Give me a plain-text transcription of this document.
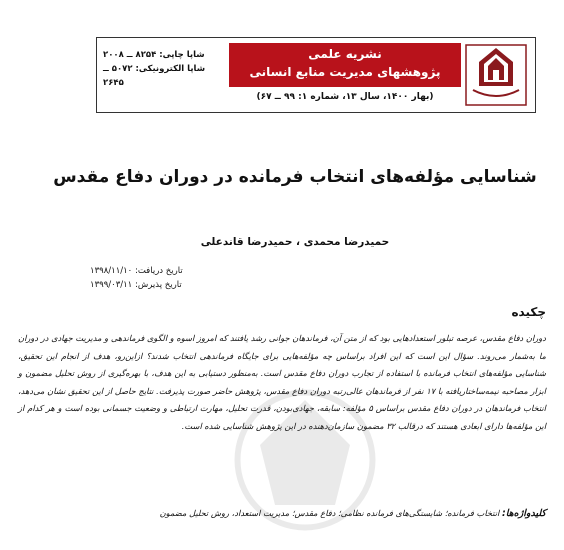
نشریه علمی
پژوهشهای مدیریت منابع انسانی
(بهار ۱۴۰۰، سال ۱۳، شماره ۱: ۹۹ ــ ۶۷)
شاپا چاپی: ۸۲۵۴ ــ ۲۰۰۸
شاپا الکترونیکی: ۵۰۷۲ ــ ۲۶۴۵
شناسایی مؤلفه‌های انتخاب فرمانده در دوران دفاع مقدس
حمیدرضا محمدی ، حمیدرضا قاندعلی
تاریخ دریافت: ۱۳۹۸/۱۱/۱۰
تاریخ پذیرش: ۱۳۹۹/۰۳/۱۱
چکیده
دوران دفاع مقدس، عرصه تبلور استعدادهایی بود که از متن آن، فرماندهان جوانی رشد یافتند که امروز اسوه و الگوی فرماندهی و مدیریت جهادی در دوران ما به‌شمار می‌روند. سؤال این است که این افراد براساس چه مؤلفه‌هایی برای جایگاه فرماندهی انتخاب شدند؟ ازاین‌رو، هدف از انجام این تحقیق، شناسایی مؤلفه‌های انتخاب فرمانده با استفاده از تجارب دوران دفاع مقدس است. به‌منظور دستیابی به این هدف، با بهره‌گیری از روش تحلیل مضمون و ابزار مصاحبه نیمه‌ساختاریافته با ۱۷ نفر از فرماندهان عالی‌رتبه دوران دفاع مقدس، پژوهش حاضر صورت پذیرفت. نتایج حاصل از این تحقیق نشان می‌دهد، انتخاب فرماندهان در دوران دفاع مقدس براساس ۵ مؤلفه: سابقه، جهادی‌بودن، قدرت تحلیل، مهارت ارتباطی و وضعیت جسمانی بوده است و هر کدام از این مؤلفه‌ها دارای ابعادی هستند که درقالب ۳۲ مضمون سازمان‌دهنده در این پژوهش شناسایی شده است.
کلیدواژه‌ها: انتخاب فرمانده؛ شایستگی‌های فرمانده نظامی؛ دفاع مقدس؛ مدیریت استعداد، روش تحلیل مضمون
